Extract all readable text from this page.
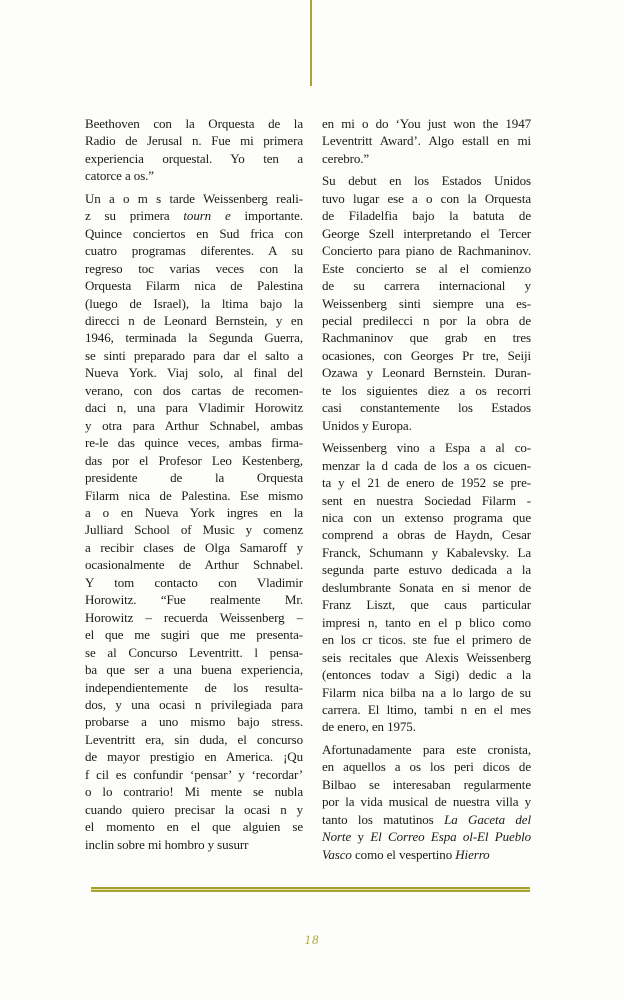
Beethoven con la Orquesta de la
Radio de Jerusal n. Fue mi primera
experiencia orquestal. Yo ten a
catorce a os.”
Un a o m s tarde Weissenberg reali-
z su primera tourn e importante.
Quince conciertos en Sud frica con
cuatro programas diferentes. A su
regreso toc varias veces con la
Orquesta Filarm nica de Palestina
(luego de Israel), la ltima bajo la
direcci n de Leonard Bernstein, y en
1946, terminada la Segunda Guerra,
se sinti preparado para dar el salto a
Nueva York. Viaj solo, al final del
verano, con dos cartas de recomen-
daci n, una para Vladimir Horowitz
y otra para Arthur Schnabel, ambas
re-le das quince veces, ambas firma-
das por el Profesor Leo Kestenberg,
presidente de la Orquesta
Filarm nica de Palestina. Ese mismo
a o en Nueva York ingres en la
Julliard School of Music y comenz
a recibir clases de Olga Samaroff y
ocasionalmente de Arthur Schnabel.
Y tom contacto con Vladimir
Horowitz. “Fue realmente Mr.
Horowitz – recuerda Weissenberg –
el que me sugiri que me presenta-
se al Concurso Leventritt. l pensa-
ba que ser a una buena experiencia,
independientemente de los resulta-
dos, y una ocasi n privilegiada para
probarse a uno mismo bajo stress.
Leventritt era, sin duda, el concurso
de mayor prestigio en America. ¡Qu
f cil es confundir ‘pensar’ y ‘recordar’
o lo contrario! Mi mente se nubla
cuando quiero precisar la ocasi n y
el momento en el que alguien se
inclin sobre mi hombro y susurr
en mi o do ‘You just won the 1947
Leventritt Award’. Algo estall en mi
cerebro.”
Su debut en los Estados Unidos
tuvo lugar ese a o con la Orquesta
de Filadelfia bajo la batuta de
George Szell interpretando el Tercer
Concierto para piano de Rachmaninov.
Este concierto se al el comienzo
de su carrera internacional y
Weissenberg sinti siempre una es-
pecial predilecci n por la obra de
Rachmaninov que grab en tres
ocasiones, con Georges Pr tre, Seiji
Ozawa y Leonard Bernstein. Duran-
te los siguientes diez a os recorri
casi constantemente los Estados
Unidos y Europa.
Weissenberg vino a Espa a al co-
menzar la d cada de los a os cicuen-
ta y el 21 de enero de 1952 se pre-
sent en nuestra Sociedad Filarm -
nica con un extenso programa que
comprend a obras de Haydn, Cesar
Franck, Schumann y Kabalevsky. La
segunda parte estuvo dedicada a la
deslumbrante Sonata en si menor de
Franz Liszt, que caus particular
impresi n, tanto en el p blico como
en los cr ticos. ste fue el primero de
seis recitales que Alexis Weissenberg
(entonces todav a Sigi) dedic a la
Filarm nica bilba na a lo largo de su
carrera. El ltimo, tambi n en el mes
de enero, en 1975.
Afortunadamente para este cronista,
en aquellos a os los peri dicos de
Bilbao se interesaban regularmente
por la vida musical de nuestra villa y
tanto los matutinos La Gaceta del
Norte y El Correo Espa ol-El Pueblo
Vasco como el vespertino Hierro
18
